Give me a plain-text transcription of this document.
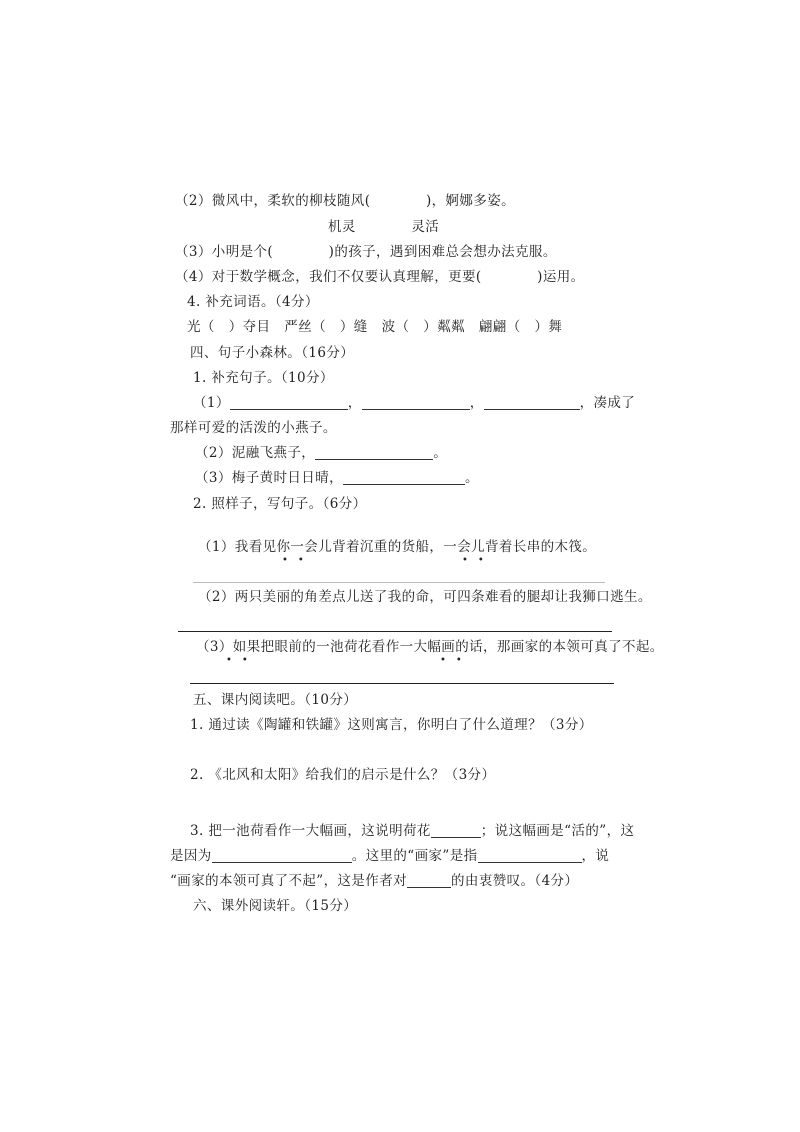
（2）微风中，柔软的柳枝随风(　　　　)，婀娜多姿。
机灵　　　　灵活
（3）小明是个(　　　　)的孩子，遇到困难总会想办法克服。
（4）对于数学概念，我们不仅要认真理解，更要(　　　　)运用。
4. 补充词语。（4分）
光（　）夺目　严丝（　）缝　波（　）粼粼　翩翩（　）舞
四、句子小森林。（16分）
1. 补充句子。（10分）
（1）	，	，	，凑成了
那样可爱的活泼的小燕子。
（2）泥融飞燕子，	。
（3）梅子黄时日日晴，	。
2. 照样子，写句子。（6分）
（1）我看见你一会儿背着沉重的货船，一会儿背着长串的木筏。
•　•	•　•
（2）两只美丽的角差点儿送了我的命，可四条难看的腿却让我狮口逃生。
（3）如果把眼前的一池荷花看作一大幅画的话，那画家的本领可真了不起。
•　•	•　•
五、课内阅读吧。（10分）
1. 通过读《陶罐和铁罐》这则寓言，你明白了什么道理？（3分）
2. 《北风和太阳》给我们的启示是什么？（3分）
3. 把一池荷看作一大幅画，这说明荷花	；说这幅画是“活的”，这
是因为	。这里的“画家”是指	，说
“画家的本领可真了不起”，这是作者对	的由衷赞叹。（4分）
六、课外阅读轩。（15分）
